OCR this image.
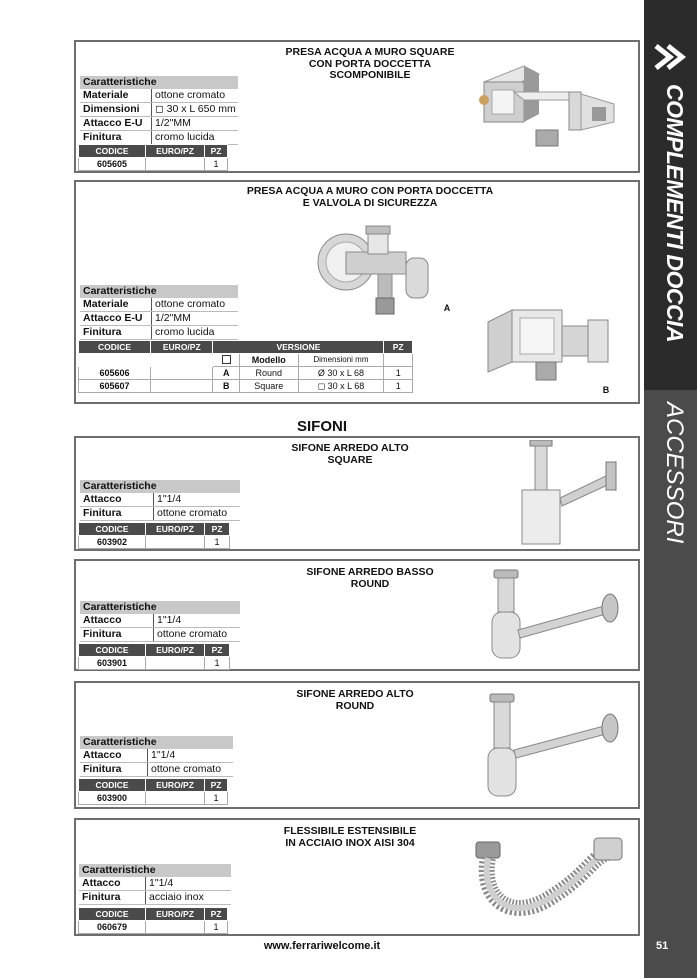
COMPLEMENTI DOCCIA
ACCESSORI
51
PRESA ACQUA A MURO SQUARE
CON PORTA DOCCETTA
SCOMPONIBILE
Caratteristiche
Materiale	ottone cromato
Dimensioni	◻ 30 x L 650 mm
Attacco E-U	1/2"MM
Finitura	cromo lucida
CODICE	EURO/PZ	PZ
605605		1
PRESA ACQUA A MURO CON PORTA DOCCETTA
E VALVOLA DI SICUREZZA
Caratteristiche
Materiale	ottone cromato
Attacco E-U	1/2"MM
Finitura	cromo lucida
CODICE	EURO/PZ	VERSIONE			PZ
			Modello	Dimensioni mm	
605606		A	Round	Ø 30 x L 68	1
605607		B	Square	◻ 30 x L 68	1
A
B
SIFONI
SIFONE ARREDO ALTO
SQUARE
Caratteristiche
Attacco	1"1/4
Finitura	ottone cromato
CODICE	EURO/PZ	PZ
603902		1
SIFONE ARREDO BASSO
ROUND
Caratteristiche
Attacco	1"1/4
Finitura	ottone cromato
CODICE	EURO/PZ	PZ
603901		1
SIFONE ARREDO ALTO
ROUND
Caratteristiche
Attacco	1"1/4
Finitura	ottone cromato
CODICE	EURO/PZ	PZ
603900		1
FLESSIBILE ESTENSIBILE
IN ACCIAIO INOX AISI 304
Caratteristiche
Attacco	1"1/4
Finitura	acciaio inox
CODICE	EURO/PZ	PZ
060679		1
www.ferrariwelcome.it
